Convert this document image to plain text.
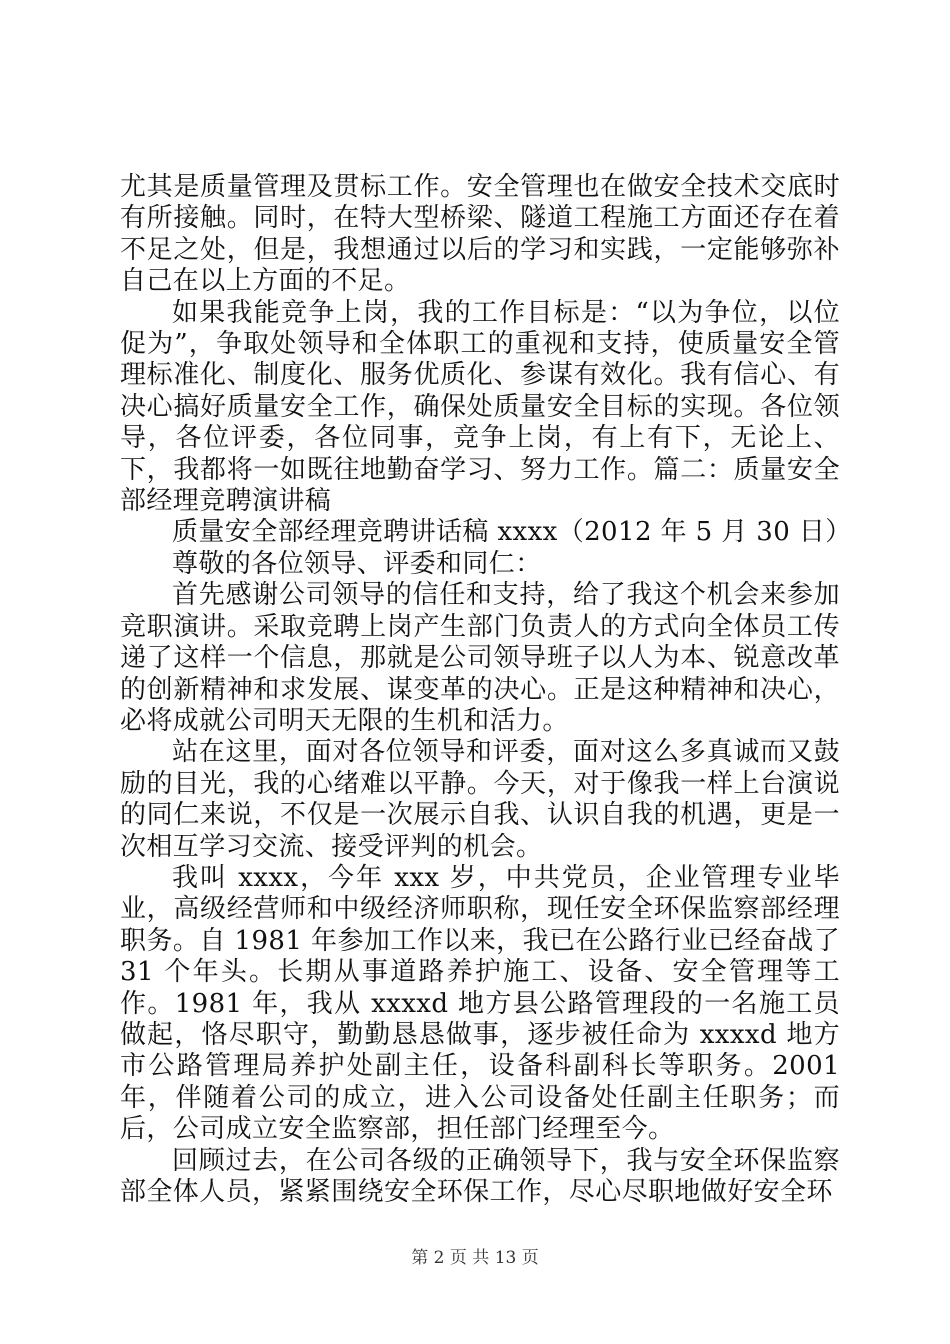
尤其是质量管理及贯标工作。安全管理也在做安全技术交底时有所接触。同时，在特大型桥梁、隧道工程施工方面还存在着不足之处，但是，我想通过以后的学习和实践，一定能够弥补自己在以上方面的不足。

如果我能竞争上岗，我的工作目标是：“以为争位，以位促为”，争取处领导和全体职工的重视和支持，使质量安全管理标准化、制度化、服务优质化、参谋有效化。我有信心、有决心搞好质量安全工作，确保处质量安全目标的实现。各位领导，各位评委，各位同事，竞争上岗，有上有下，无论上、下，我都将一如既往地勤奋学习、努力工作。篇二：质量安全部经理竞聘演讲稿

质量安全部经理竞聘讲话稿 xxxx（2012 年 5 月 30 日）

尊敬的各位领导、评委和同仁：

首先感谢公司领导的信任和支持，给了我这个机会来参加竞职演讲。采取竞聘上岗产生部门负责人的方式向全体员工传递了这样一个信息，那就是公司领导班子以人为本、锐意改革的创新精神和求发展、谋变革的决心。正是这种精神和决心，必将成就公司明天无限的生机和活力。

站在这里，面对各位领导和评委，面对这么多真诚而又鼓励的目光，我的心绪难以平静。今天，对于像我一样上台演说的同仁来说，不仅是一次展示自我、认识自我的机遇，更是一次相互学习交流、接受评判的机会。

我叫 xxxx，今年 xxx 岁，中共党员，企业管理专业毕业，高级经营师和中级经济师职称，现任安全环保监察部经理职务。自 1981 年参加工作以来，我已在公路行业已经奋战了 31 个年头。长期从事道路养护施工、设备、安全管理等工作。1981 年，我从 xxxxd 地方县公路管理段的一名施工员做起，恪尽职守，勤勤恳恳做事，逐步被任命为 xxxxd 地方市公路管理局养护处副主任，设备科副科长等职务。2001 年，伴随着公司的成立，进入公司设备处任副主任职务；而后，公司成立安全监察部，担任部门经理至今。

回顾过去，在公司各级的正确领导下，我与安全环保监察部全体人员，紧紧围绕安全环保工作，尽心尽职地做好安全环

第 2 页 共 13 页
